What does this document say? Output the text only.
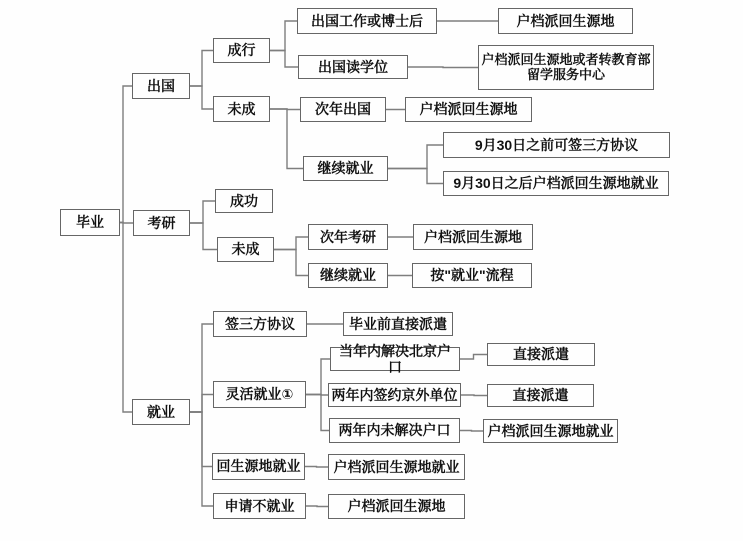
毕业
出国
考研
就业
成行
未成
成功
未成
签三方协议
灵活就业①
回生源地就业
申请不就业
出国工作或博士后
出国读学位
次年出国
继续就业
次年考研
继续就业
毕业前直接派遣
当年内解决北京户口
两年内签约京外单位
两年内未解决户口
户档派回生源地
户档派回生源地或者转教育部留学服务中心
户档派回生源地
9月30日之前可签三方协议
9月30日之后户档派回生源地就业
户档派回生源地
按"就业"流程
直接派遣
直接派遣
户档派回生源地就业
户档派回生源地就业
户档派回生源地
